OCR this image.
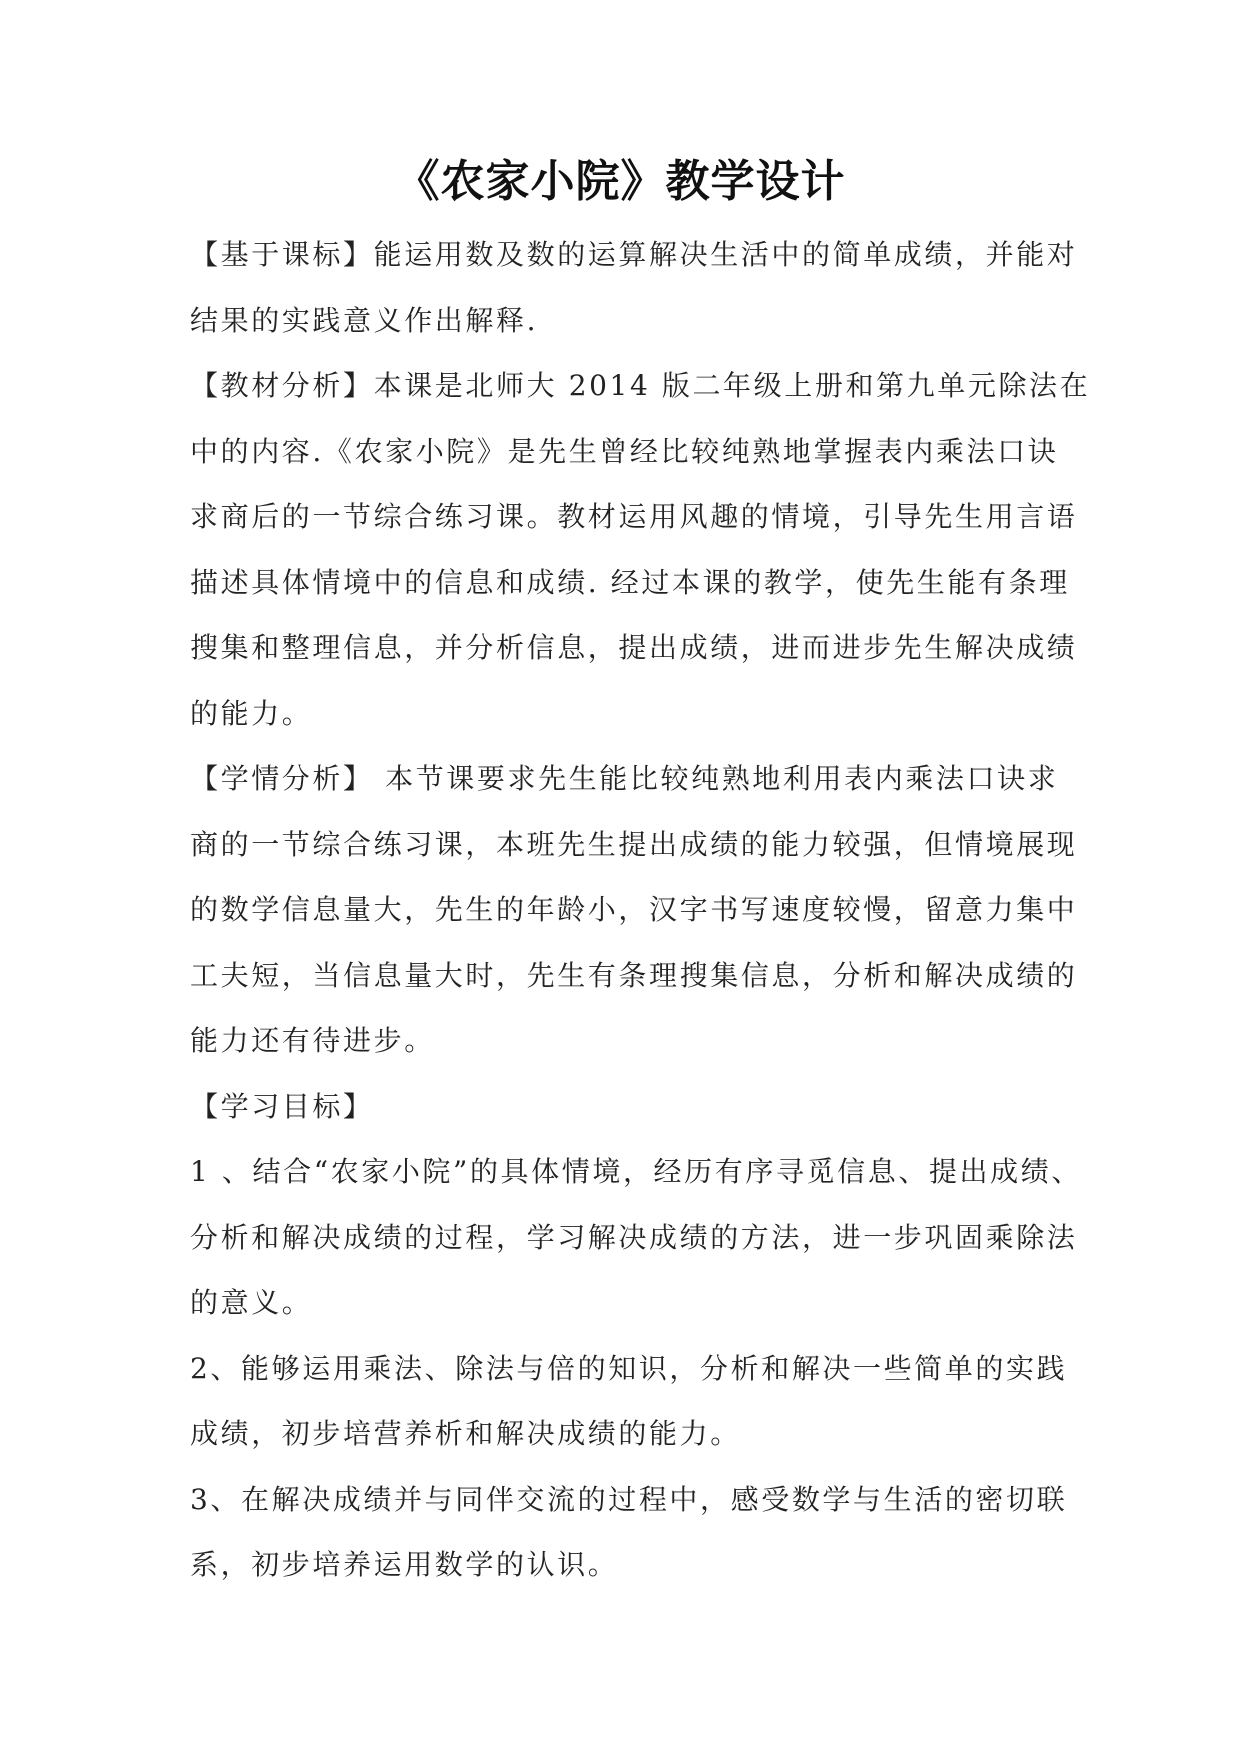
《农家小院》教学设计
【基于课标】能运用数及数的运算解决生活中的简单成绩，并能对
结果的实践意义作出解释.
【教材分析】本课是北师大 2014 版二年级上册和第九单元除法在
中的内容.《农家小院》是先生曾经比较纯熟地掌握表内乘法口诀
求商后的一节综合练习课。教材运用风趣的情境，引导先生用言语
描述具体情境中的信息和成绩. 经过本课的教学，使先生能有条理
搜集和整理信息，并分析信息，提出成绩，进而进步先生解决成绩
的能力。
【学情分析】 本节课要求先生能比较纯熟地利用表内乘法口诀求
商的一节综合练习课，本班先生提出成绩的能力较强，但情境展现
的数学信息量大，先生的年龄小，汉字书写速度较慢，留意力集中
工夫短，当信息量大时，先生有条理搜集信息，分析和解决成绩的
能力还有待进步。
【学习目标】
1 、结合“农家小院”的具体情境，经历有序寻觅信息、提出成绩、
分析和解决成绩的过程，学习解决成绩的方法，进一步巩固乘除法
的意义。
2、能够运用乘法、除法与倍的知识，分析和解决一些简单的实践
成绩，初步培营养析和解决成绩的能力。
3、在解决成绩并与同伴交流的过程中，感受数学与生活的密切联
系，初步培养运用数学的认识。
